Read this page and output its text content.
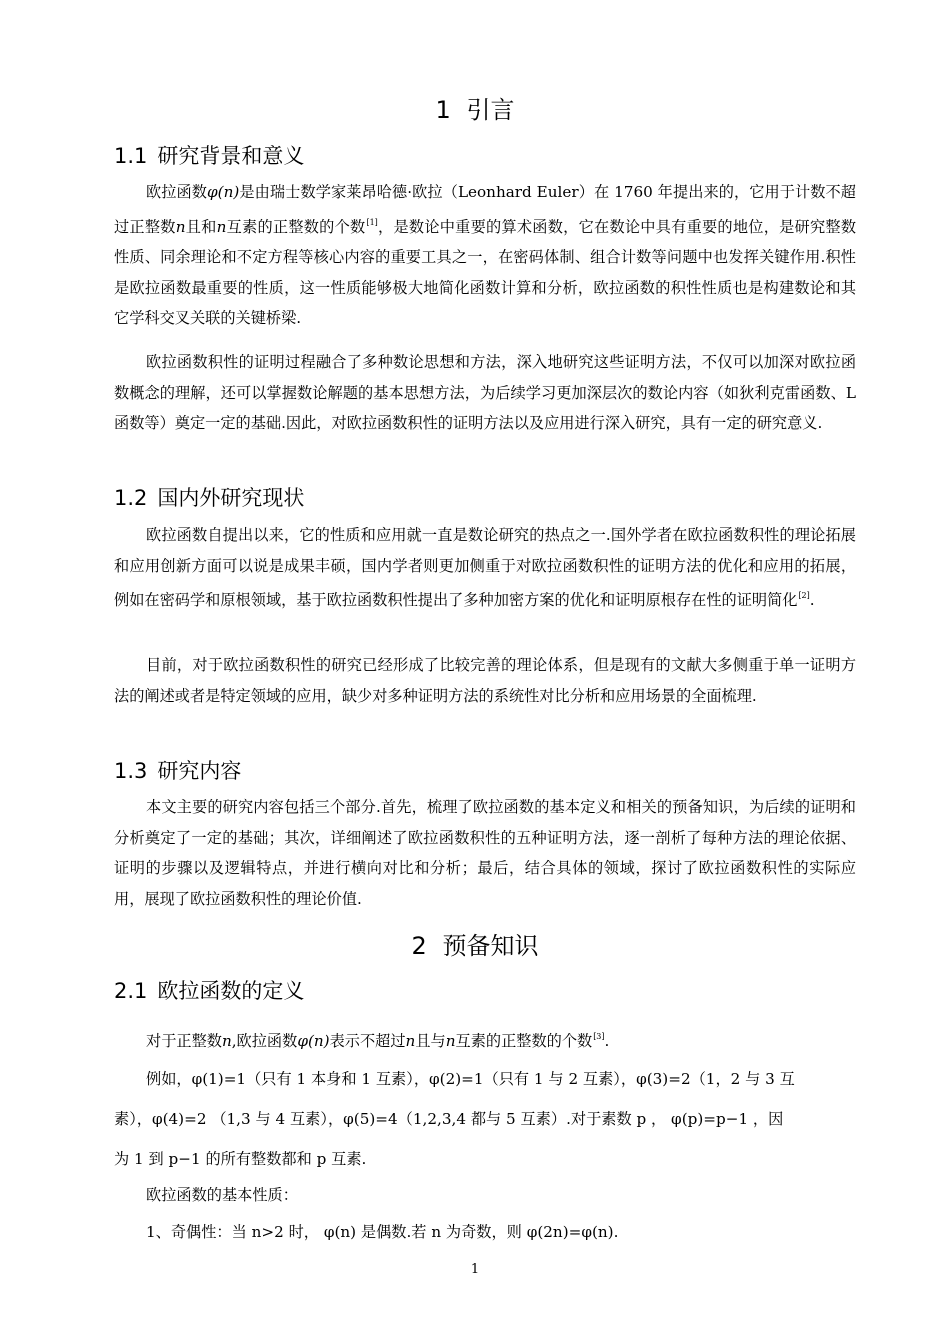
1 引言
1.1 研究背景和意义

欧拉函数φ(n)是由瑞士数学家莱昂哈德·欧拉（Leonhard Euler）在 1760 年提出来的，它用于计数不超过正整数n且和n互素的正整数的个数[1]，是数论中重要的算术函数，它在数论中具有重要的地位，是研究整数性质、同余理论和不定方程等核心内容的重要工具之一，在密码体制、组合计数等问题中也发挥关键作用.积性是欧拉函数最重要的性质，这一性质能够极大地简化函数计算和分析，欧拉函数的积性性质也是构建数论和其它学科交叉关联的关键桥梁.

欧拉函数积性的证明过程融合了多种数论思想和方法，深入地研究这些证明方法，不仅可以加深对欧拉函数概念的理解，还可以掌握数论解题的基本思想方法，为后续学习更加深层次的数论内容（如狄利克雷函数、L 函数等）奠定一定的基础.因此，对欧拉函数积性的证明方法以及应用进行深入研究，具有一定的研究意义.

1.2 国内外研究现状

欧拉函数自提出以来，它的性质和应用就一直是数论研究的热点之一.国外学者在欧拉函数积性的理论拓展和应用创新方面可以说是成果丰硕，国内学者则更加侧重于对欧拉函数积性的证明方法的优化和应用的拓展，例如在密码学和原根领域，基于欧拉函数积性提出了多种加密方案的优化和证明原根存在性的证明简化[2].

目前，对于欧拉函数积性的研究已经形成了比较完善的理论体系，但是现有的文献大多侧重于单一证明方法的阐述或者是特定领域的应用，缺少对多种证明方法的系统性对比分析和应用场景的全面梳理.

1.3 研究内容

本文主要的研究内容包括三个部分.首先，梳理了欧拉函数的基本定义和相关的预备知识，为后续的证明和分析奠定了一定的基础；其次，详细阐述了欧拉函数积性的五种证明方法，逐一剖析了每种方法的理论依据、证明的步骤以及逻辑特点，并进行横向对比和分析；最后，结合具体的领域，探讨了欧拉函数积性的实际应用，展现了欧拉函数积性的理论价值.

2 预备知识
2.1 欧拉函数的定义

对于正整数n,欧拉函数φ(n)表示不超过n且与n互素的正整数的个数[3].

例如，φ(1)=1（只有 1 本身和 1 互素），φ(2)=1（只有 1 与 2 互素），φ(3)=2（1，2 与 3 互

素），φ(4)=2 （1,3 与 4 互素），φ(5)=4（1,2,3,4 都与 5 互素）.对于素数 p ， φ(p)=p−1 ，因

为 1 到 p−1 的所有整数都和 p 互素.

欧拉函数的基本性质：

1、奇偶性：当 n>2 时， φ(n) 是偶数.若 n 为奇数，则 φ(2n)=φ(n).

1
